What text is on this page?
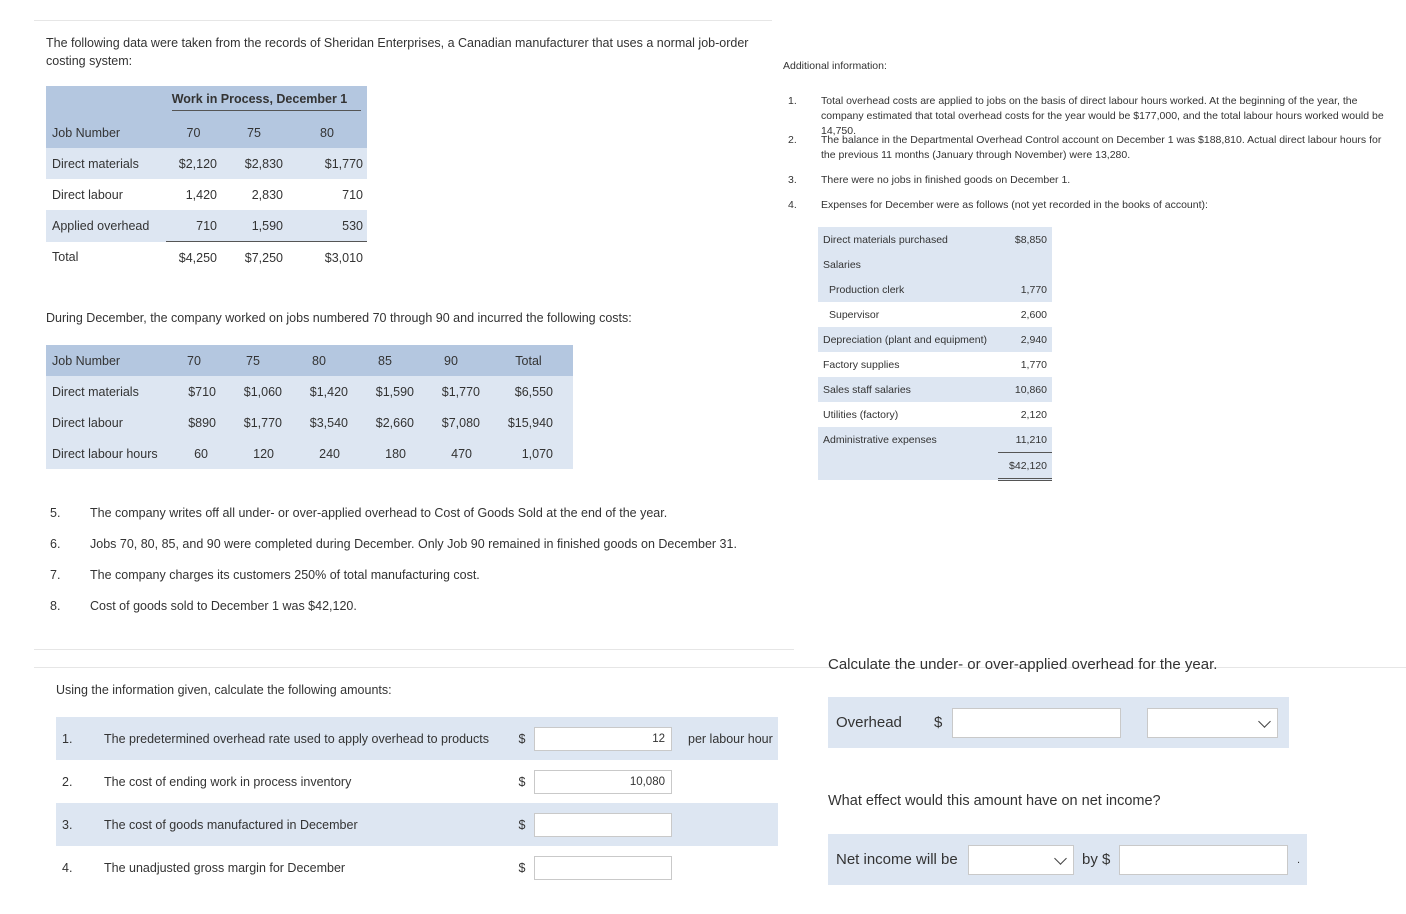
The following data were taken from the records of Sheridan Enterprises, a Canadian manufacturer that uses a normal job-order costing system:
	Work in Process, December 1		
Job Number	70	75	80
Direct materials	$2,120	$2,830	$1,770
Direct labour	1,420	2,830	710
Applied overhead	710	1,590	530
Total	$4,250	$7,250	$3,010
During December, the company worked on jobs numbered 70 through 90 and incurred the following costs:
Job Number	70	75	80	85	90	Total
Direct materials	$710	$1,060	$1,420	$1,590	$1,770	$6,550
Direct labour	$890	$1,770	$3,540	$2,660	$7,080	$15,940
Direct labour hours	60	120	240	180	470	1,070
5.	The company writes off all under- or over-applied overhead to Cost of Goods Sold at the end of the year.
6.	Jobs 70, 80, 85, and 90 were completed during December. Only Job 90 remained in finished goods on December 31.
7.	The company charges its customers 250% of total manufacturing cost.
8.	Cost of goods sold to December 1 was $42,120.
Using the information given, calculate the following amounts:
1.	The predetermined overhead rate used to apply overhead to products	$	12	per labour hour
2.	The cost of ending work in process inventory	$	10,080
3.	The cost of goods manufactured in December	$
4.	The unadjusted gross margin for December	$
Additional information:
1.	Total overhead costs are applied to jobs on the basis of direct labour hours worked. At the beginning of the year, the company estimated that total overhead costs for the year would be $177,000, and the total labour hours worked would be 14,750.
2.	The balance in the Departmental Overhead Control account on December 1 was $188,810. Actual direct labour hours for the previous 11 months (January through November) were 13,280.
3.	There were no jobs in finished goods on December 1.
4.	Expenses for December were as follows (not yet recorded in the books of account):
Direct materials purchased	$8,850
Salaries	
Production clerk	1,770
Supervisor	2,600
Depreciation (plant and equipment)	2,940
Factory supplies	1,770
Sales staff salaries	10,860
Utilities (factory)	2,120
Administrative expenses	11,210
	$42,120
Calculate the under- or over-applied overhead for the year.
Overhead	$
What effect would this amount have on net income?
Net income will be	by $	.
